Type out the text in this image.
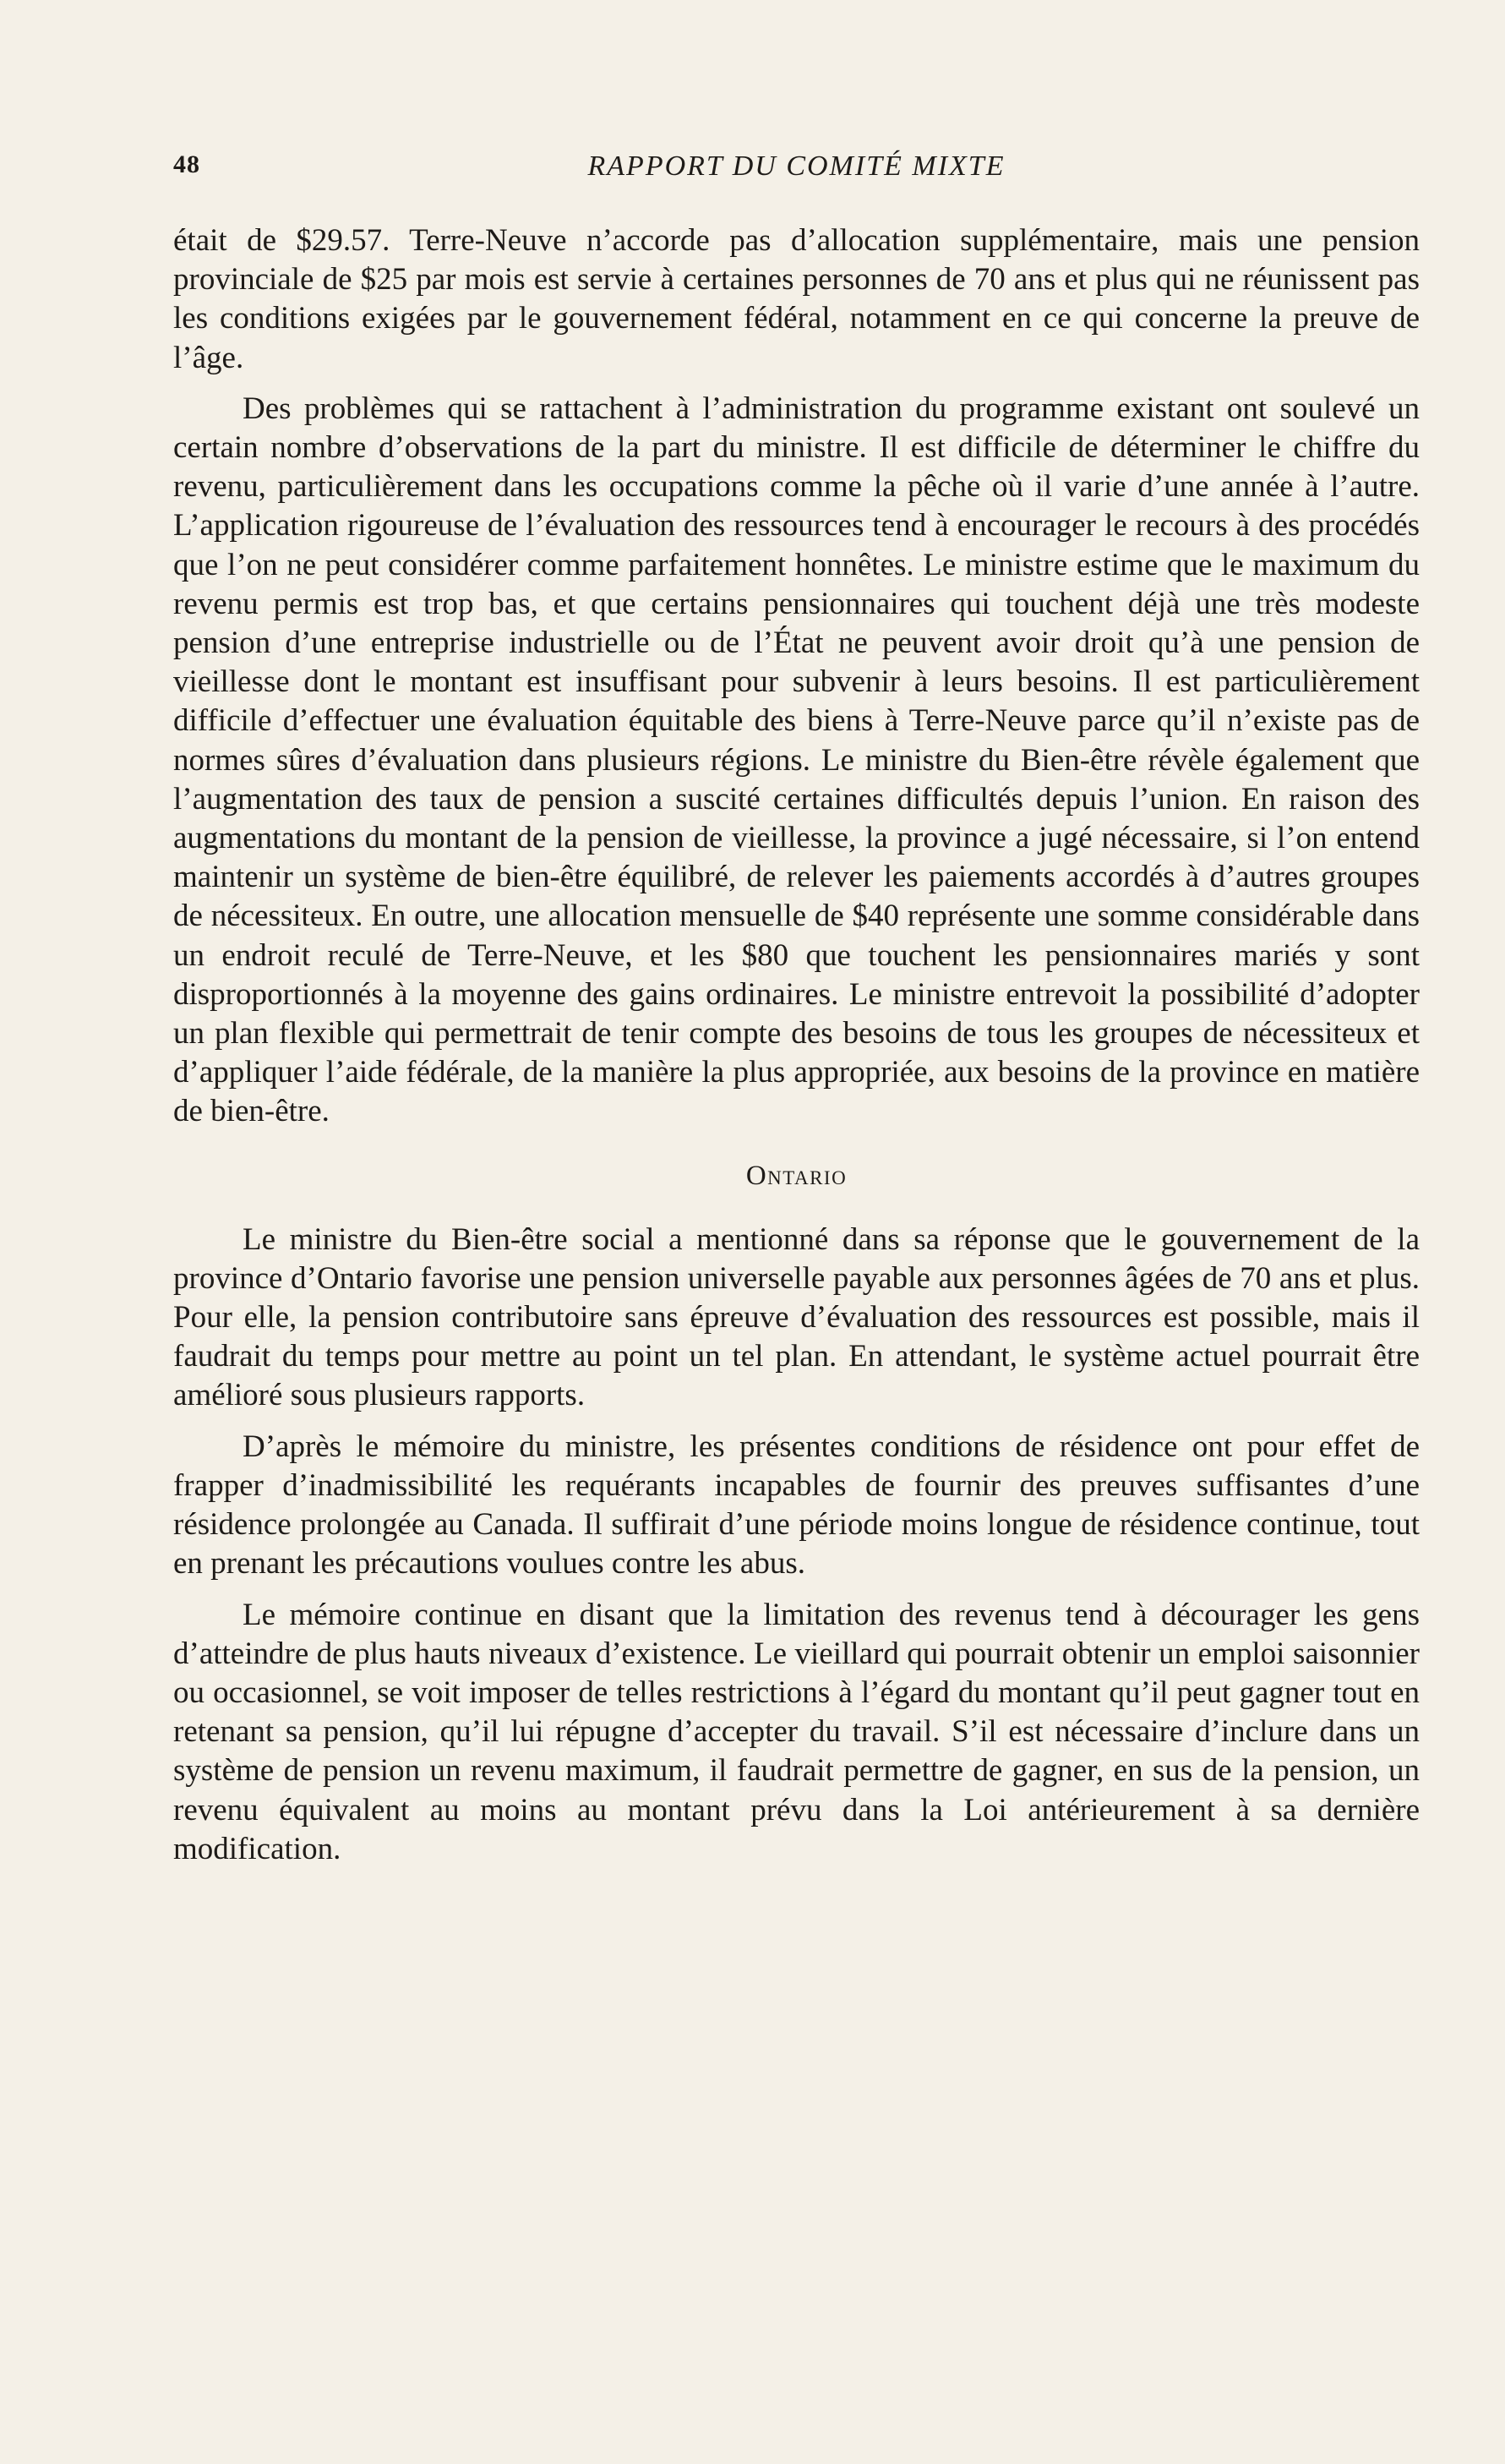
48	RAPPORT DU COMITÉ MIXTE

était de $29.57. Terre-Neuve n’accorde pas d’allocation supplémentaire, mais une pension provinciale de $25 par mois est servie à certaines personnes de 70 ans et plus qui ne réunissent pas les conditions exigées par le gouvernement fédéral, notamment en ce qui concerne la preuve de l’âge.

Des problèmes qui se rattachent à l’administration du programme existant ont soulevé un certain nombre d’observations de la part du ministre. Il est difficile de déterminer le chiffre du revenu, particulièrement dans les occupations comme la pêche où il varie d’une année à l’autre. L’application rigoureuse de l’évaluation des ressources tend à encourager le recours à des procédés que l’on ne peut considérer comme parfaitement honnêtes. Le ministre estime que le maximum du revenu permis est trop bas, et que certains pensionnaires qui touchent déjà une très modeste pension d’une entreprise industrielle ou de l’État ne peuvent avoir droit qu’à une pension de vieillesse dont le montant est insuffisant pour subvenir à leurs besoins. Il est particulièrement difficile d’effectuer une évaluation équitable des biens à Terre-Neuve parce qu’il n’existe pas de normes sûres d’évaluation dans plusieurs régions. Le ministre du Bien-être révèle également que l’augmentation des taux de pension a suscité certaines difficultés depuis l’union. En raison des augmentations du montant de la pension de vieillesse, la province a jugé nécessaire, si l’on entend maintenir un système de bien-être équilibré, de relever les paiements accordés à d’autres groupes de nécessiteux. En outre, une allocation mensuelle de $40 représente une somme considérable dans un endroit reculé de Terre-Neuve, et les $80 que touchent les pensionnaires mariés y sont disproportionnés à la moyenne des gains ordinaires. Le ministre entrevoit la possibilité d’adopter un plan flexible qui permettrait de tenir compte des besoins de tous les groupes de nécessiteux et d’appliquer l’aide fédérale, de la manière la plus appropriée, aux besoins de la province en matière de bien-être.

Ontario

Le ministre du Bien-être social a mentionné dans sa réponse que le gouvernement de la province d’Ontario favorise une pension universelle payable aux personnes âgées de 70 ans et plus. Pour elle, la pension contributoire sans épreuve d’évaluation des ressources est possible, mais il faudrait du temps pour mettre au point un tel plan. En attendant, le système actuel pourrait être amélioré sous plusieurs rapports.

D’après le mémoire du ministre, les présentes conditions de résidence ont pour effet de frapper d’inadmissibilité les requérants incapables de fournir des preuves suffisantes d’une résidence prolongée au Canada. Il suffirait d’une période moins longue de résidence continue, tout en prenant les précautions voulues contre les abus.

Le mémoire continue en disant que la limitation des revenus tend à décourager les gens d’atteindre de plus hauts niveaux d’existence. Le vieillard qui pourrait obtenir un emploi saisonnier ou occasionnel, se voit imposer de telles restrictions à l’égard du montant qu’il peut gagner tout en retenant sa pension, qu’il lui répugne d’accepter du travail. S’il est nécessaire d’inclure dans un système de pension un revenu maximum, il faudrait permettre de gagner, en sus de la pension, un revenu équivalent au moins au montant prévu dans la Loi antérieurement à sa dernière modification.
